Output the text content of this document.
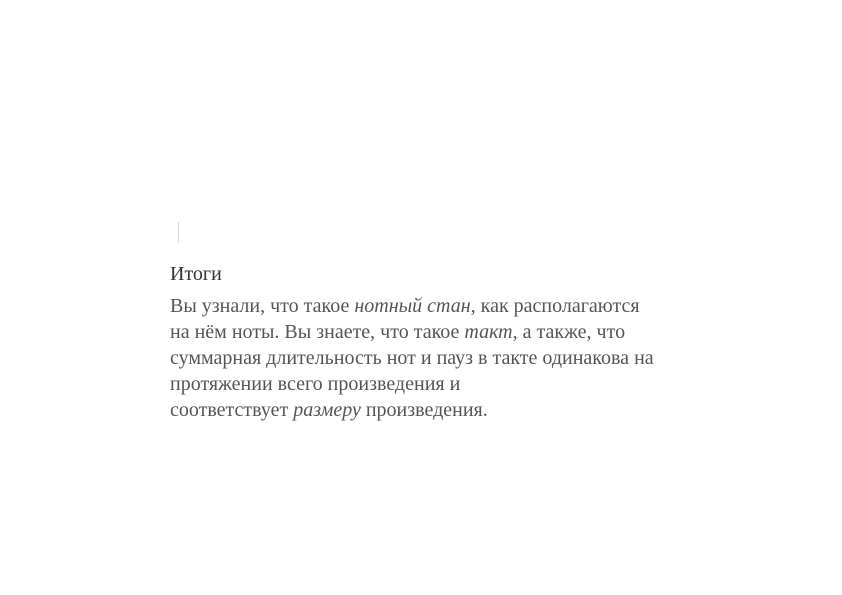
Итоги

Вы узнали, что такое нотный стан, как располагаются
на нём ноты. Вы знаете, что такое такт, а также, что
суммарная длительность нот и пауз в такте одинакова на
протяжении всего произведения и
соответствует размеру произведения.
